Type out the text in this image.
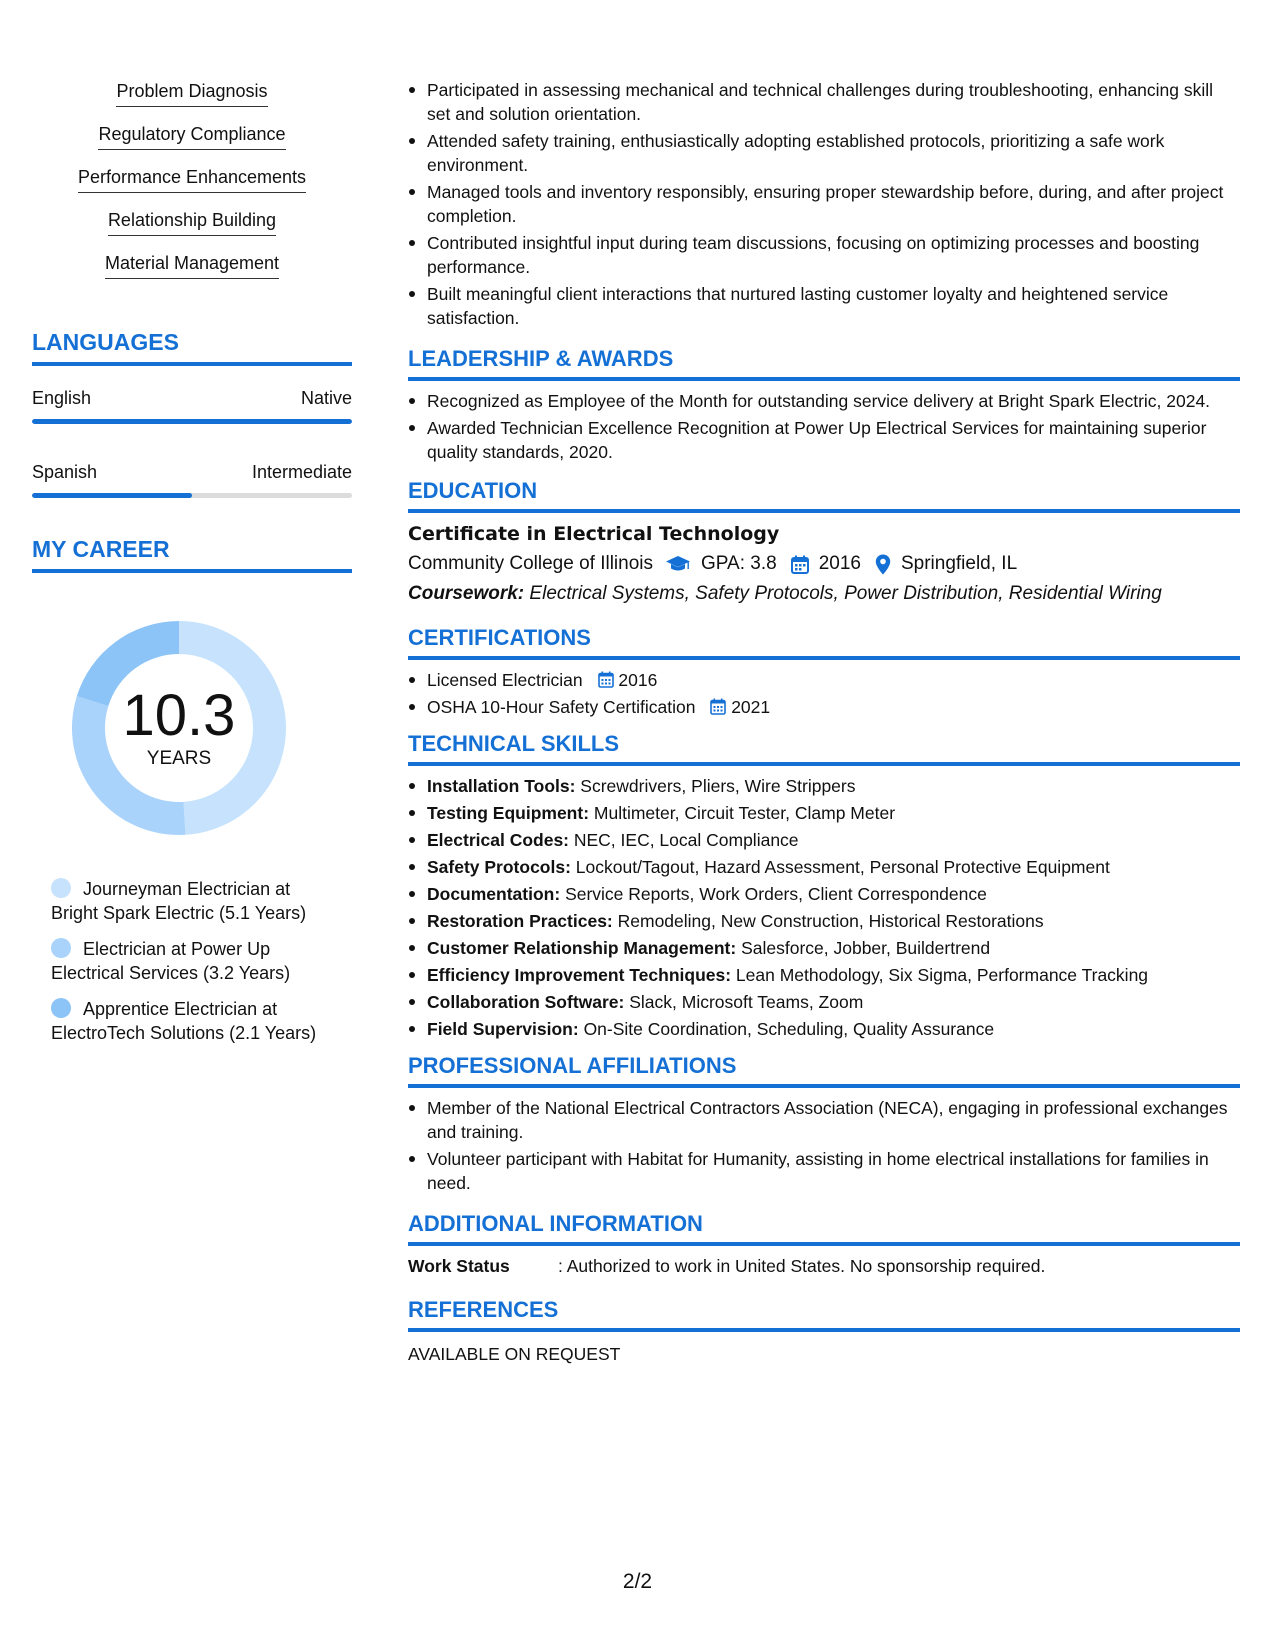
Problem Diagnosis
Regulatory Compliance
Performance Enhancements
Relationship Building
Material Management
LANGUAGES
English	Native
Spanish	Intermediate
MY CAREER
10.3
YEARS
Journeyman Electrician at Bright Spark Electric (5.1 Years)
Electrician at Power Up Electrical Services (3.2 Years)
Apprentice Electrician at ElectroTech Solutions (2.1 Years)
Participated in assessing mechanical and technical challenges during troubleshooting, enhancing skill set and solution orientation.
Attended safety training, enthusiastically adopting established protocols, prioritizing a safe work environment.
Managed tools and inventory responsibly, ensuring proper stewardship before, during, and after project completion.
Contributed insightful input during team discussions, focusing on optimizing processes and boosting performance.
Built meaningful client interactions that nurtured lasting customer loyalty and heightened service satisfaction.
LEADERSHIP & AWARDS
Recognized as Employee of the Month for outstanding service delivery at Bright Spark Electric, 2024.
Awarded Technician Excellence Recognition at Power Up Electrical Services for maintaining superior quality standards, 2020.
EDUCATION
Certificate in Electrical Technology
Community College of Illinois	GPA: 3.8 2016 Springfield, IL
Coursework: Electrical Systems, Safety Protocols, Power Distribution, Residential Wiring
CERTIFICATIONS
Licensed Electrician 2016
OSHA 10-Hour Safety Certification 2021
TECHNICAL SKILLS
Installation Tools: Screwdrivers, Pliers, Wire Strippers
Testing Equipment: Multimeter, Circuit Tester, Clamp Meter
Electrical Codes: NEC, IEC, Local Compliance
Safety Protocols: Lockout/Tagout, Hazard Assessment, Personal Protective Equipment
Documentation: Service Reports, Work Orders, Client Correspondence
Restoration Practices: Remodeling, New Construction, Historical Restorations
Customer Relationship Management: Salesforce, Jobber, Buildertrend
Efficiency Improvement Techniques: Lean Methodology, Six Sigma, Performance Tracking
Collaboration Software: Slack, Microsoft Teams, Zoom
Field Supervision: On-Site Coordination, Scheduling, Quality Assurance
PROFESSIONAL AFFILIATIONS
Member of the National Electrical Contractors Association (NECA), engaging in professional exchanges and training.
Volunteer participant with Habitat for Humanity, assisting in home electrical installations for families in need.
ADDITIONAL INFORMATION
Work Status	: Authorized to work in United States. No sponsorship required.
REFERENCES
AVAILABLE ON REQUEST
2/2
